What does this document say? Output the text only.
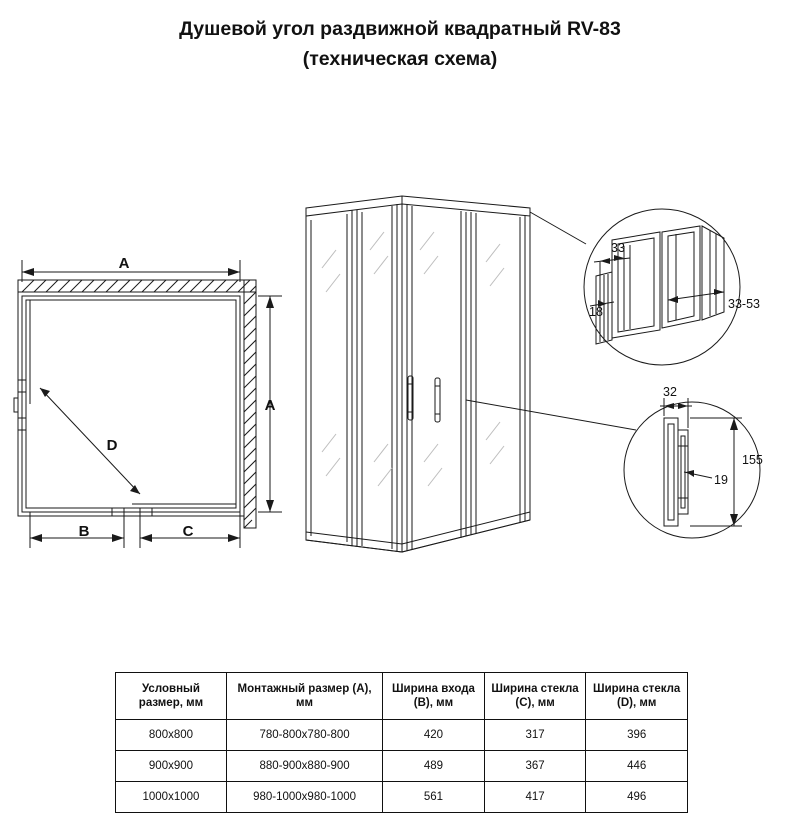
Душевой угол раздвижной квадратный RV-83
(техническая схема)
A
A
D
B	C
33
18
33-53
32
155
19
Условный размер, мм	Монтажный размер (A), мм	Ширина входа (B), мм	Ширина стекла (C), мм	Ширина стекла (D), мм
800х800	780-800х780-800	420	317	396
900х900	880-900х880-900	489	367	446
1000х1000	980-1000х980-1000	561	417	496
